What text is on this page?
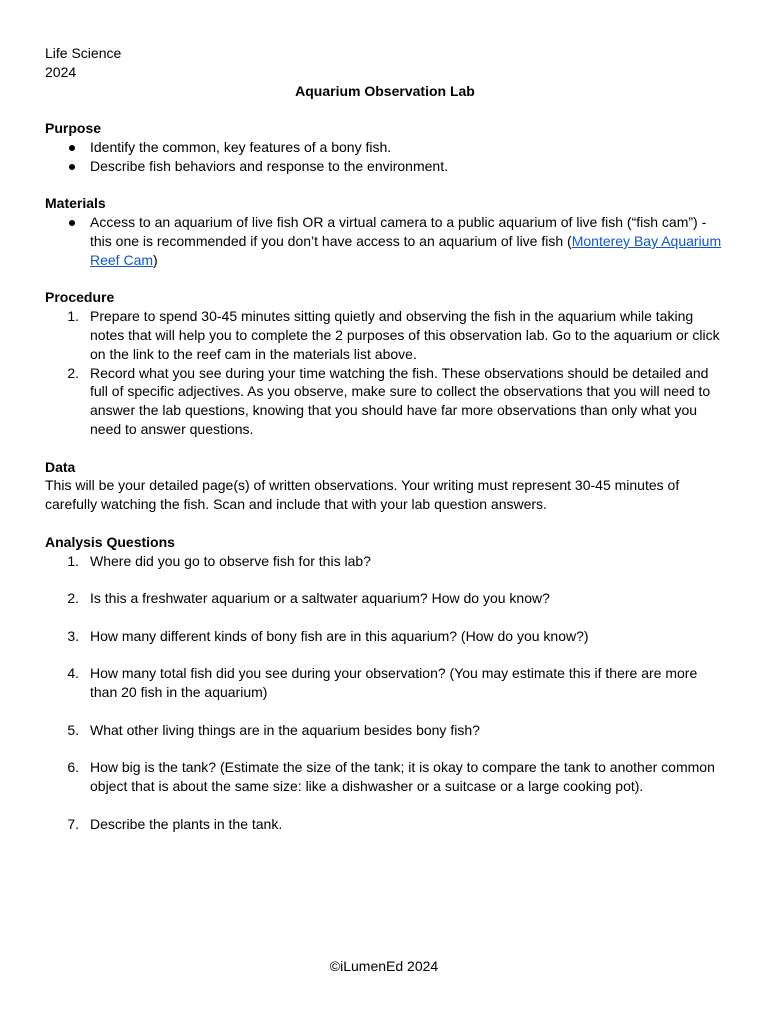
Life Science

2024

Aquarium Observation Lab

Purpose

Identify the common, key features of a bony fish.
Describe fish behaviors and response to the environment.

Materials

Access to an aquarium of live fish OR a virtual camera to a public aquarium of live fish (“fish cam”) - this one is recommended if you don’t have access to an aquarium of live fish (Monterey Bay Aquarium Reef Cam)

Procedure

1. Prepare to spend 30-45 minutes sitting quietly and observing the fish in the aquarium while taking notes that will help you to complete the 2 purposes of this observation lab. Go to the aquarium or click on the link to the reef cam in the materials list above.
2. Record what you see during your time watching the fish. These observations should be detailed and full of specific adjectives. As you observe, make sure to collect the observations that you will need to answer the lab questions, knowing that you should have far more observations than only what you need to answer questions.

Data

This will be your detailed page(s) of written observations. Your writing must represent 30-45 minutes of carefully watching the fish. Scan and include that with your lab question answers.

Analysis Questions

1. Where did you go to observe fish for this lab?
2. Is this a freshwater aquarium or a saltwater aquarium? How do you know?
3. How many different kinds of bony fish are in this aquarium? (How do you know?)
4. How many total fish did you see during your observation? (You may estimate this if there are more than 20 fish in the aquarium)
5. What other living things are in the aquarium besides bony fish?
6. How big is the tank? (Estimate the size of the tank; it is okay to compare the tank to another common object that is about the same size: like a dishwasher or a suitcase or a large cooking pot).
7. Describe the plants in the tank.
©iLumenEd 2024
